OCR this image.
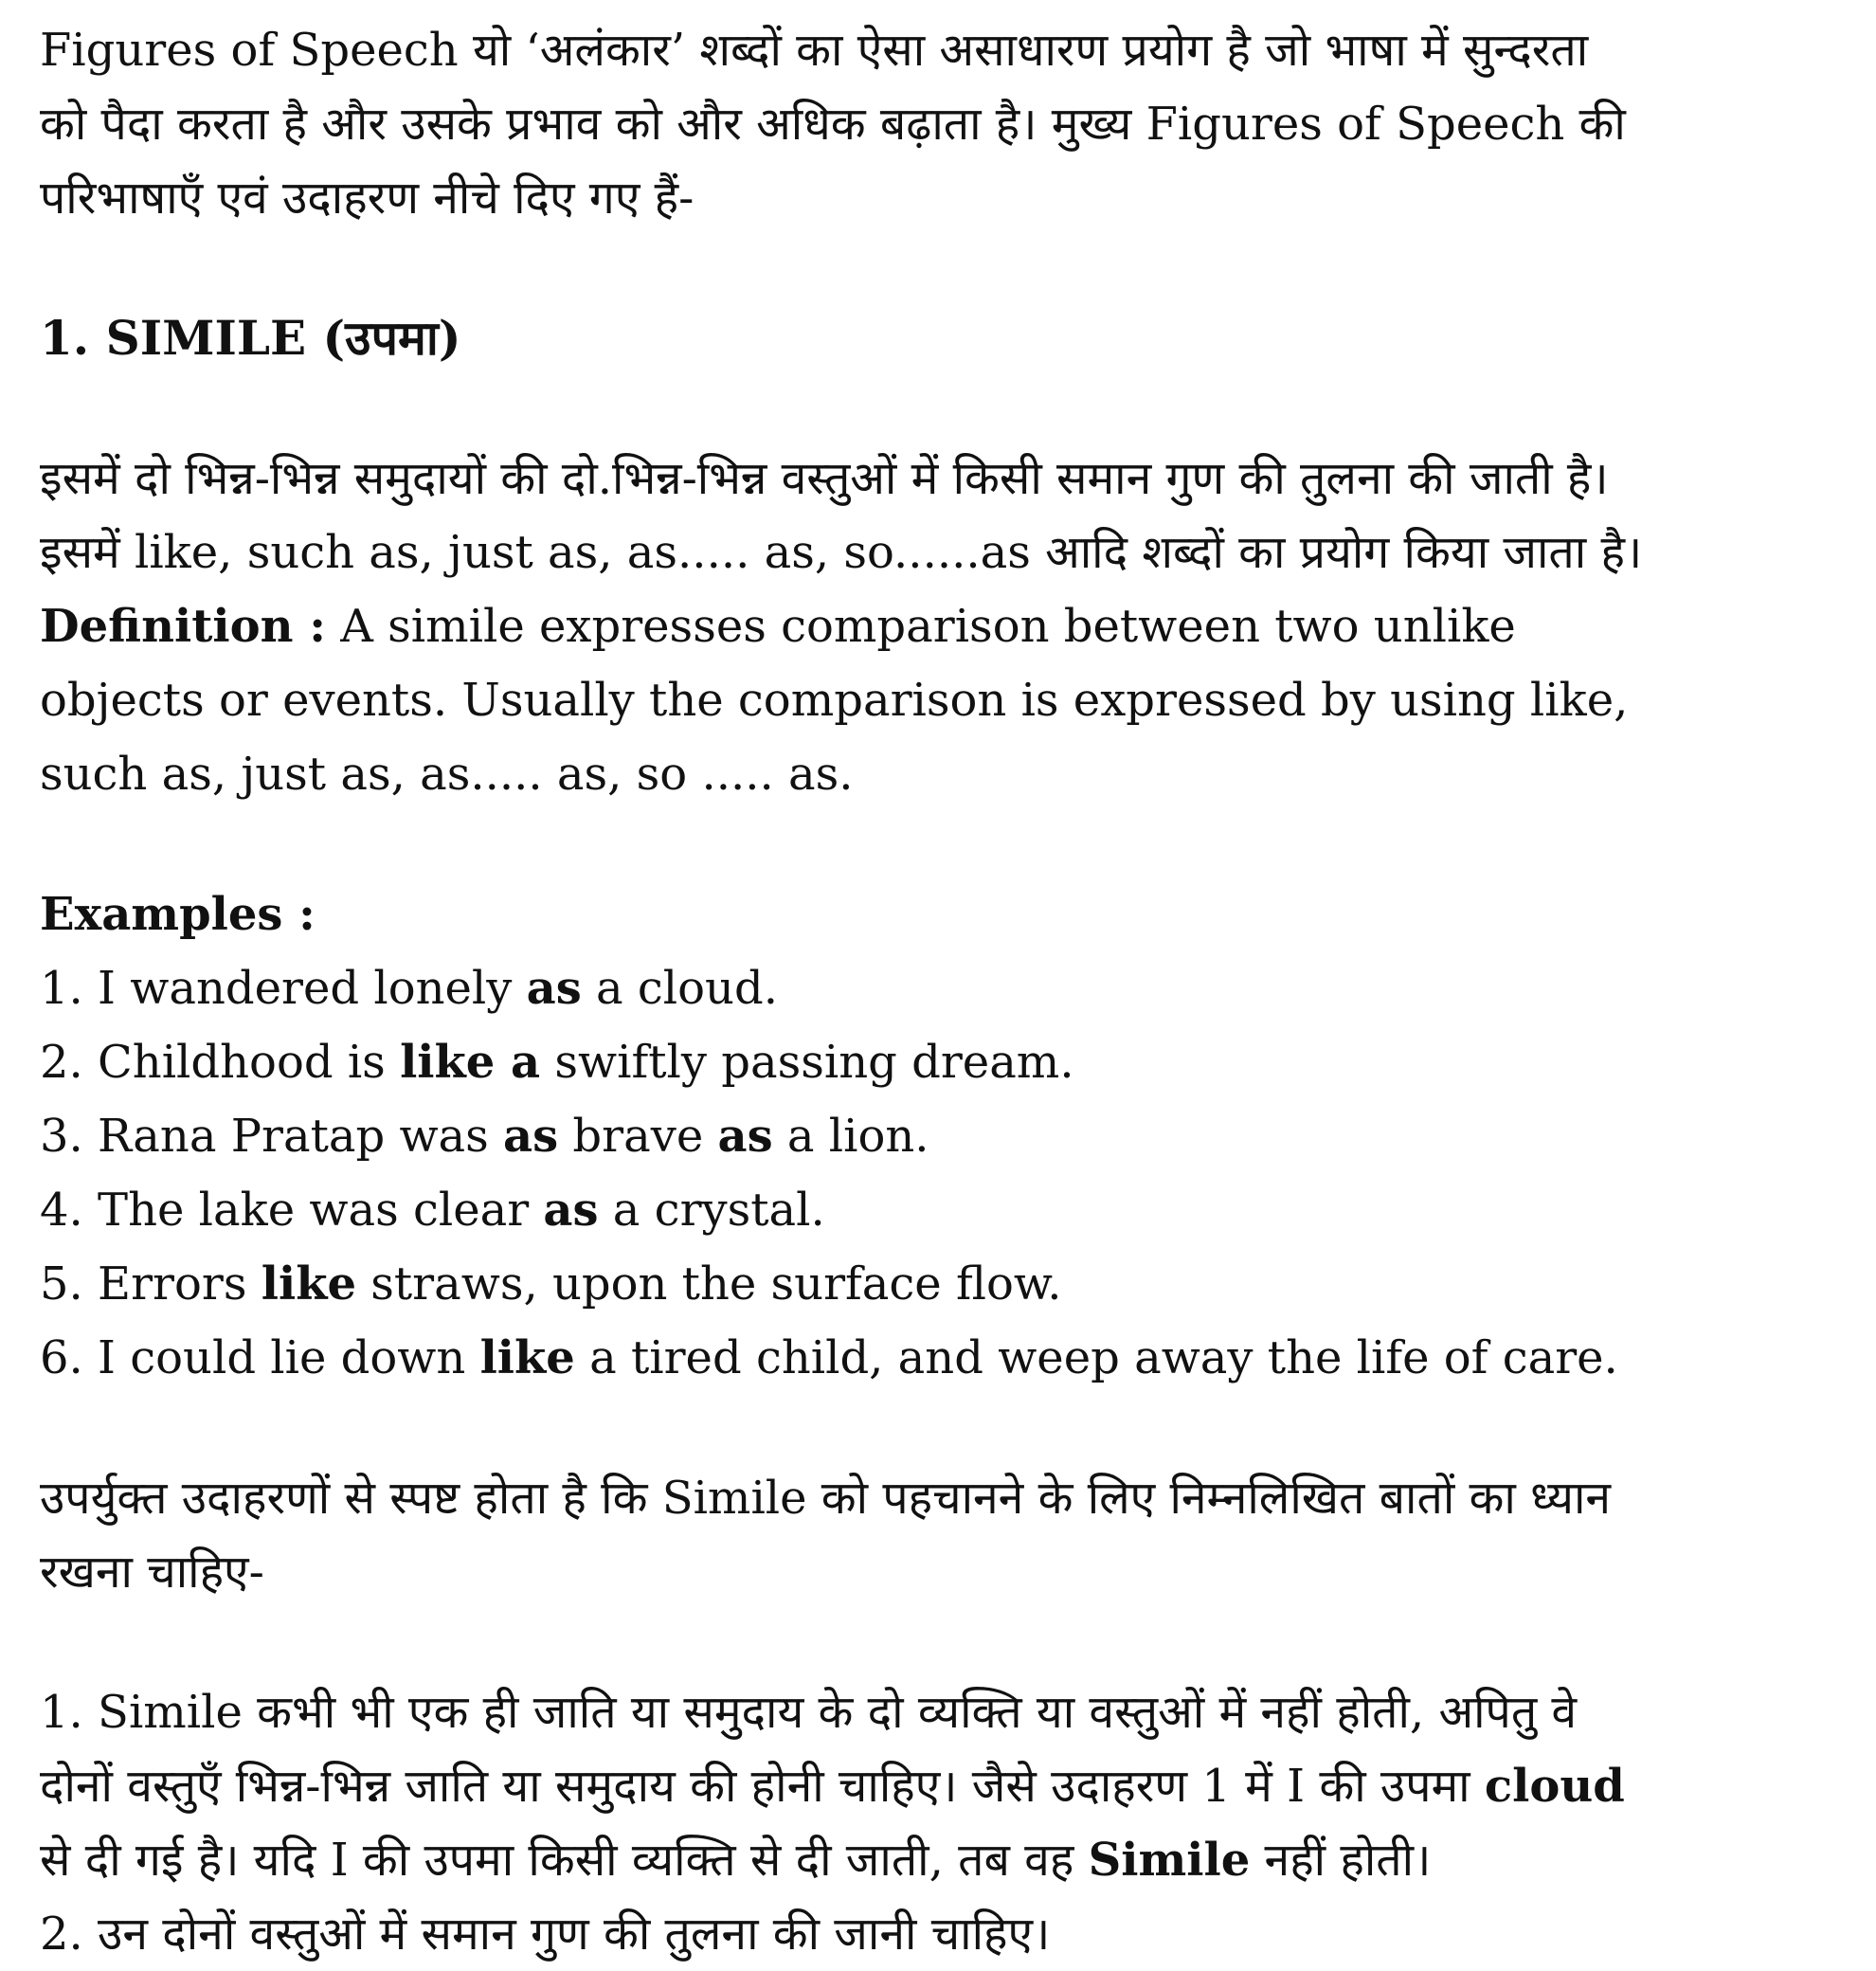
Figures of Speech यो ‘अलंकार’ शब्दों का ऐसा असाधारण प्रयोग है जो भाषा में सुन्दरता
को पैदा करता है और उसके प्रभाव को और अधिक बढ़ाता है। मुख्य Figures of Speech की
परिभाषाएँ एवं उदाहरण नीचे दिए गए हैं-

1. SIMILE (उपमा)

इसमें दो भिन्न-भिन्न समुदायों की दो.भिन्न-भिन्न वस्तुओं में किसी समान गुण की तुलना की जाती है।
इसमें like, such as, just as, as..... as, so......as आदि शब्दों का प्रयोग किया जाता है।
Definition : A simile expresses comparison between two unlike
objects or events. Usually the comparison is expressed by using like,
such as, just as, as..... as, so ..... as.

Examples :
1. I wandered lonely as a cloud.
2. Childhood is like a swiftly passing dream.
3. Rana Pratap was as brave as a lion.
4. The lake was clear as a crystal.
5. Errors like straws, upon the surface flow.
6. I could lie down like a tired child, and weep away the life of care.

उपर्युक्त उदाहरणों से स्पष्ट होता है कि Simile को पहचानने के लिए निम्नलिखित बातों का ध्यान
रखना चाहिए-

1. Simile कभी भी एक ही जाति या समुदाय के दो व्यक्ति या वस्तुओं में नहीं होती, अपितु वे
दोनों वस्तुएँ भिन्न-भिन्न जाति या समुदाय की होनी चाहिए। जैसे उदाहरण 1 में I की उपमा cloud
से दी गई है। यदि I की उपमा किसी व्यक्ति से दी जाती, तब वह Simile नहीं होती।
2. उन दोनों वस्तुओं में समान गुण की तुलना की जानी चाहिए।
